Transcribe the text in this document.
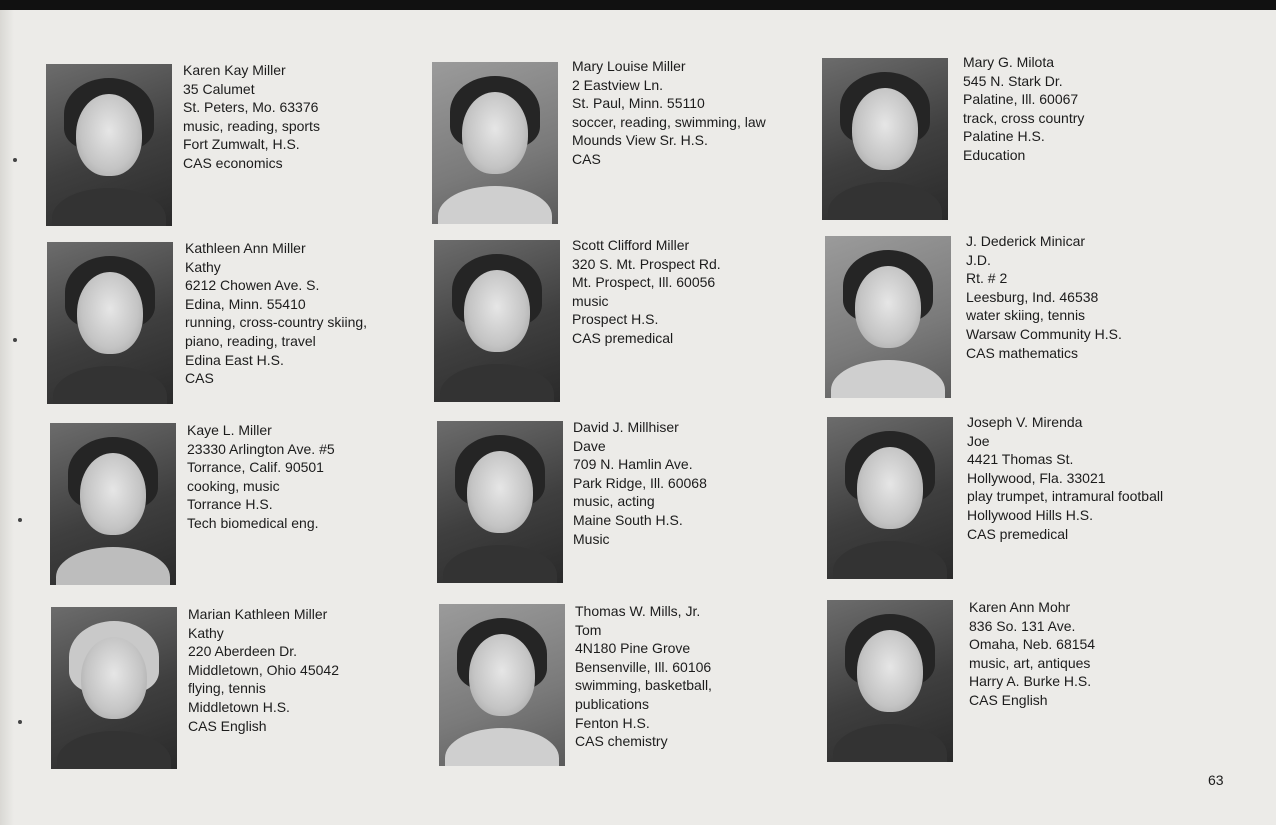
Karen Kay Miller
35 Calumet
St. Peters, Mo. 63376
music, reading, sports
Fort Zumwalt, H.S.
CAS economics
Mary Louise Miller
2 Eastview Ln.
St. Paul, Minn. 55110
soccer, reading, swimming, law
Mounds View Sr. H.S.
CAS
Mary G. Milota
545 N. Stark Dr.
Palatine, Ill. 60067
track, cross country
Palatine H.S.
Education
Kathleen Ann Miller
Kathy
6212 Chowen Ave. S.
Edina, Minn. 55410
running, cross-country skiing,
piano, reading, travel
Edina East H.S.
CAS
Scott Clifford Miller
320 S. Mt. Prospect Rd.
Mt. Prospect, Ill. 60056
music
Prospect H.S.
CAS premedical
J. Dederick Minicar
J.D.
Rt. # 2
Leesburg, Ind. 46538
water skiing, tennis
Warsaw Community H.S.
CAS mathematics
Kaye L. Miller
23330 Arlington Ave. #5
Torrance, Calif. 90501
cooking, music
Torrance H.S.
Tech biomedical eng.
David J. Millhiser
Dave
709 N. Hamlin Ave.
Park Ridge, Ill. 60068
music, acting
Maine South H.S.
Music
Joseph V. Mirenda
Joe
4421 Thomas St.
Hollywood, Fla. 33021
play trumpet, intramural football
Hollywood Hills H.S.
CAS premedical
Marian Kathleen Miller
Kathy
220 Aberdeen Dr.
Middletown, Ohio 45042
flying, tennis
Middletown H.S.
CAS English
Thomas W. Mills, Jr.
Tom
4N180 Pine Grove
Bensenville, Ill. 60106
swimming, basketball,
publications
Fenton H.S.
CAS chemistry
Karen Ann Mohr
836 So. 131 Ave.
Omaha, Neb. 68154
music, art, antiques
Harry A. Burke H.S.
CAS English
63
